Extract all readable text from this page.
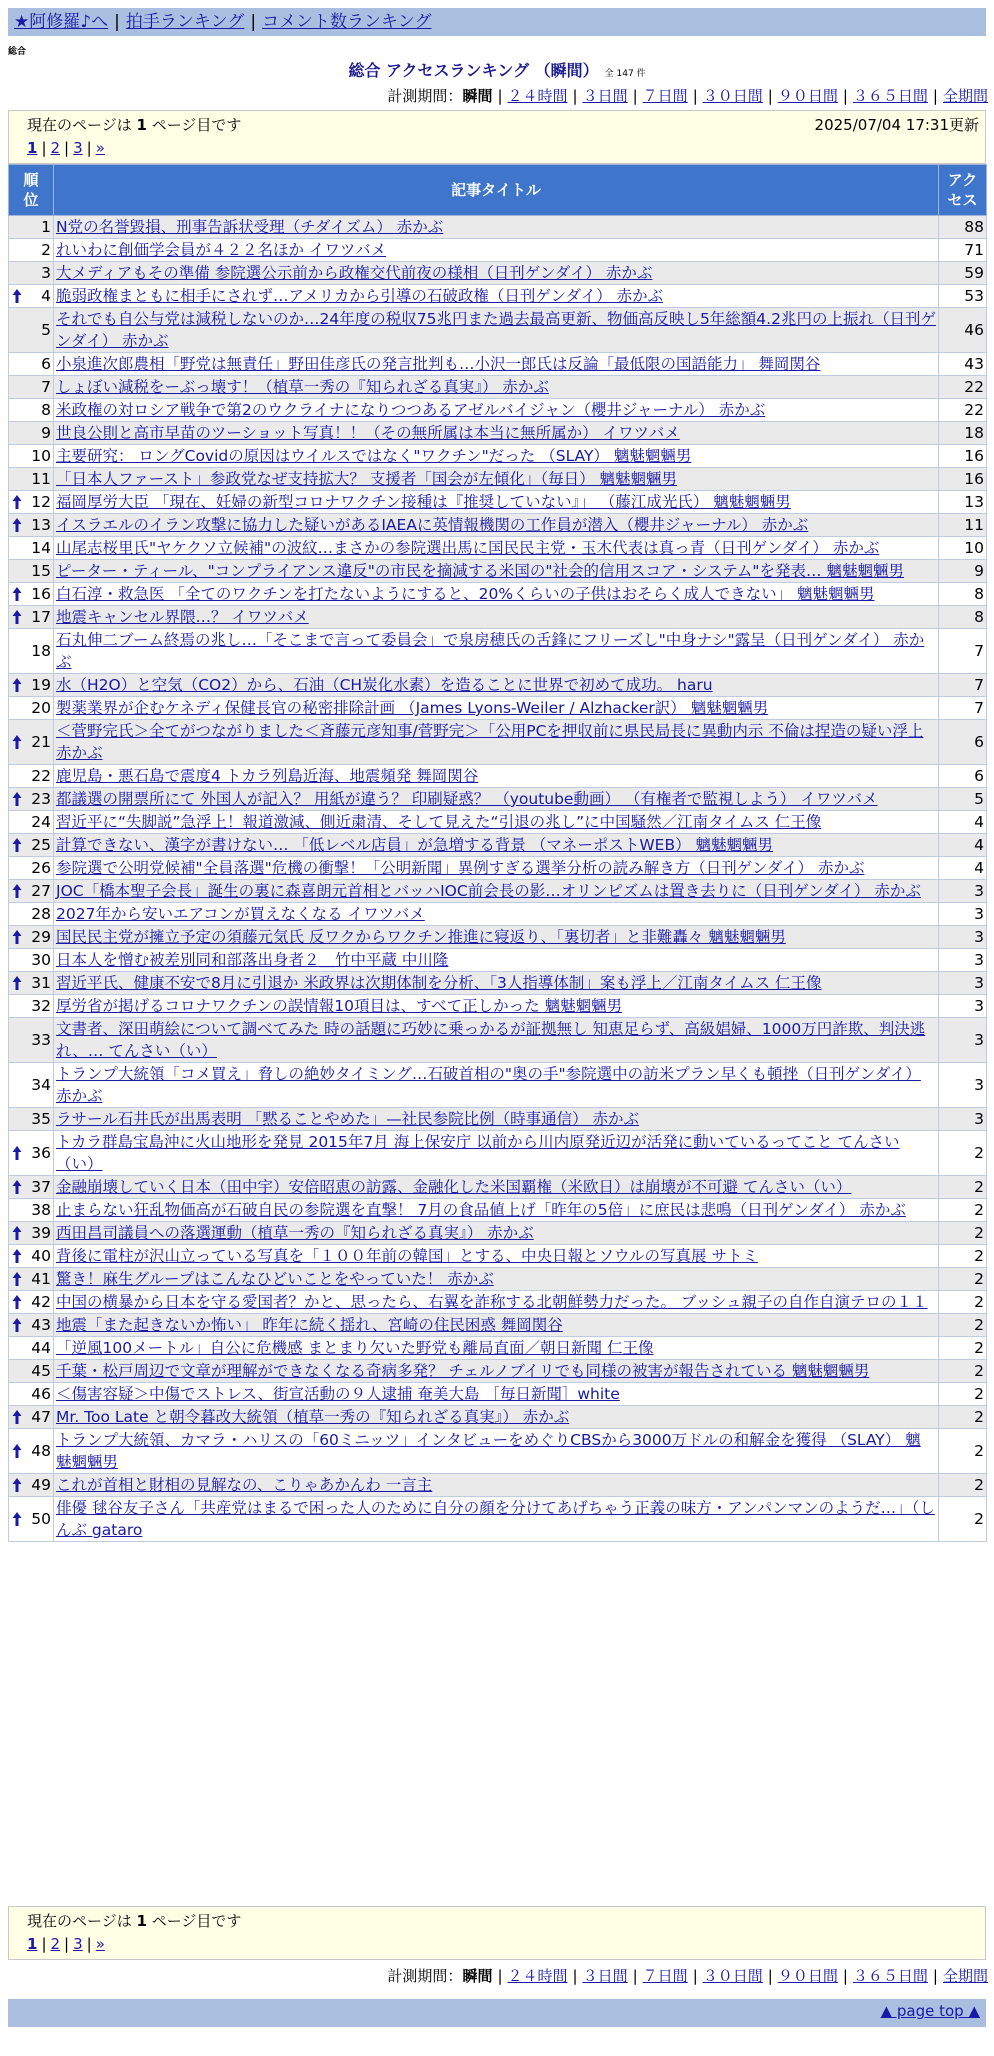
★阿修羅♪へ | 拍手ランキング | コメント数ランキング
総合
総合 アクセスランキング （瞬間） 全 147 件
計測期間：瞬間 | ２４時間 | ３日間 | ７日間 | ３０日間 | ９０日間 | ３６５日間 | 全期間
現在のページは 1 ページ目です	2025/07/04 17:31更新
1 | 2 | 3 | »
順位	記事タイトル	アクセス
1	N党の名誉毀損、刑事告訴状受理（チダイズム） 赤かぶ	88
2	れいわに創価学会員が４２２名ほか イワツバメ	71
3	大メディアもその準備 参院選公示前から政権交代前夜の様相（日刊ゲンダイ） 赤かぶ	59

4	脆弱政権まともに相手にされず…アメリカから引導の石破政権（日刊ゲンダイ） 赤かぶ	53
5	それでも自公与党は減税しないのか…24年度の税収75兆円また過去最高更新、物価高反映し5年総額4.2兆円の上振れ（日刊ゲンダイ） 赤かぶ	46
6	小泉進次郎農相「野党は無責任」野田佳彦氏の発言批判も…小沢一郎氏は反論「最低限の国語能力」 舞岡関谷	43
7	しょぼい減税をーぶっ壊す！（植草一秀の『知られざる真実』） 赤かぶ	22
8	米政権の対ロシア戦争で第2のウクライナになりつつあるアゼルバイジャン（櫻井ジャーナル） 赤かぶ	22
9	世良公則と高市早苗のツーショット写真！！（その無所属は本当に無所属か） イワツバメ	18
10	主要研究： ロングCovidの原因はウイルスではなく"ワクチン"だった （SLAY） 魑魅魍魎男	16
11	「日本人ファースト」参政党なぜ支持拡大？ 支援者「国会が左傾化」（毎日） 魑魅魍魎男	16

12	福岡厚労大臣 「現在、妊婦の新型コロナワクチン接種は『推奨していない』」 （藤江成光氏） 魑魅魍魎男	13

13	イスラエルのイラン攻撃に協力した疑いがあるIAEAに英情報機関の工作員が潜入（櫻井ジャーナル） 赤かぶ	11
14	山尾志桜里氏"ヤケクソ立候補"の波紋…まさかの参院選出馬に国民民主党・玉木代表は真っ青（日刊ゲンダイ） 赤かぶ	10
15	ピーター・ティール、"コンプライアンス違反"の市民を摘減する米国の"社会的信用スコア・システム"を発表… 魑魅魍魎男	9

16	白石淳・救急医 「全てのワクチンを打たないようにすると、20%くらいの子供はおそらく成人できない」 魑魅魍魎男	8

17	地震キャンセル界隈…？ イワツバメ	8
18	石丸伸二ブーム終焉の兆し…「そこまで言って委員会」で泉房穂氏の舌鋒にフリーズし"中身ナシ"露呈（日刊ゲンダイ） 赤かぶ	7

19	水（H2O）と空気（CO2）から、石油（CH炭化水素）を造ることに世界で初めて成功。 haru	7
20	製薬業界が企むケネディ保健長官の秘密排除計画 （James Lyons-Weiler / Alzhacker訳） 魑魅魍魎男	7

21	＜菅野完氏＞全てがつながりました＜斉藤元彦知事/菅野完＞「公用PCを押収前に県民局長に異動内示 不倫は捏造の疑い浮上 赤かぶ	6
22	鹿児島・悪石島で震度4 トカラ列島近海、地震頻発 舞岡関谷	6

23	都議選の開票所にて 外国人が記入？ 用紙が違う？ 印刷疑惑？ （youtube動画） （有権者で監視しよう） イワツバメ	5
24	習近平に“失脚説”急浮上！報道激減、側近粛清、そして見えた“引退の兆し”に中国騒然／江南タイムス 仁王像	4

25	計算できない、漢字が書けない… 「低レベル店員」が急増する背景 （マネーポストWEB） 魑魅魍魎男	4
26	参院選で公明党候補"全員落選"危機の衝撃！「公明新聞」異例すぎる選挙分析の読み解き方（日刊ゲンダイ） 赤かぶ	4

27	JOC「橋本聖子会長」誕生の裏に森喜朗元首相とバッハIOC前会長の影…オリンピズムは置き去りに（日刊ゲンダイ） 赤かぶ	3
28	2027年から安いエアコンが買えなくなる イワツバメ	3

29	国民民主党が擁立予定の須藤元気氏 反ワクからワクチン推進に寝返り、「裏切者」と非難轟々 魑魅魍魎男	3
30	日本人を憎む被差別同和部落出身者２＿竹中平蔵 中川隆	3

31	習近平氏、健康不安で8月に引退か 米政界は次期体制を分析、「3人指導体制」案も浮上／江南タイムス 仁王像	3
32	厚労省が掲げるコロナワクチンの誤情報10項目は、すべて正しかった 魑魅魍魎男	3
33	文書者、深田萌絵について調べてみた 時の話題に巧妙に乗っかるが証拠無し 知恵足らず、高級娼婦、1000万円詐欺、判決逃れ、… てんさい（い）	3
34	トランプ大統領「コメ買え」脅しの絶妙タイミング…石破首相の"奥の手"参院選中の訪米プラン早くも頓挫（日刊ゲンダイ） 赤かぶ	3
35	ラサール石井氏が出馬表明 「黙ることやめた」—社民参院比例（時事通信） 赤かぶ	3

36	トカラ群島宝島沖に火山地形を発見 2015年7月 海上保安庁 以前から川内原発近辺が活発に動いているってこと てんさい（い）	2

37	金融崩壊していく日本（田中宇）安倍昭恵の訪露、金融化した米国覇権（米欧日）は崩壊が不可避 てんさい（い）	2
38	止まらない狂乱物価高が石破自民の参院選を直撃！ 7月の食品値上げ「昨年の5倍」に庶民は悲鳴（日刊ゲンダイ） 赤かぶ	2

39	西田昌司議員への落選運動（植草一秀の『知られざる真実』） 赤かぶ	2

40	背後に電柱が沢山立っている写真を「１００年前の韓国」とする、中央日報とソウルの写真展 サトミ	2

41	驚き！麻生グループはこんなひどいことをやっていた！ 赤かぶ	2

42	中国の横暴から日本を守る愛国者？かと、思ったら、右翼を詐称する北朝鮮勢力だった。 ブッシュ親子の自作自演テロの１１	2

43	地震「また起きないか怖い」 昨年に続く揺れ、宮崎の住民困惑 舞岡関谷	2
44	「逆風100メートル」自公に危機感 まとまり欠いた野党も離局直面／朝日新聞 仁王像	2
45	千葉・松戸周辺で文章が理解ができなくなる奇病多発？ チェルノブイリでも同様の被害が報告されている 魑魅魍魎男	2
46	＜傷害容疑＞中傷でストレス、街宣活動の９人逮捕 奄美大島 ［毎日新聞］white	2

47	Mr. Too Late と朝令暮改大統領（植草一秀の『知られざる真実』） 赤かぶ	2

48	トランプ大統領、カマラ・ハリスの「60ミニッツ」インタビューをめぐりCBSから3000万ドルの和解金を獲得 （SLAY） 魑魅魍魎男	2

49	これが首相と財相の見解なの、こりゃあかんわ 一言主	2

50	俳優 毬谷友子さん「共産党はまるで困った人のために自分の顔を分けてあげちゃう正義の味方・アンパンマンのようだ…」（しんぶ gataro	2
現在のページは 1 ページ目です
1 | 2 | 3 | »
計測期間：瞬間 | ２４時間 | ３日間 | ７日間 | ３０日間 | ９０日間 | ３６５日間 | 全期間
▲ page top ▲
